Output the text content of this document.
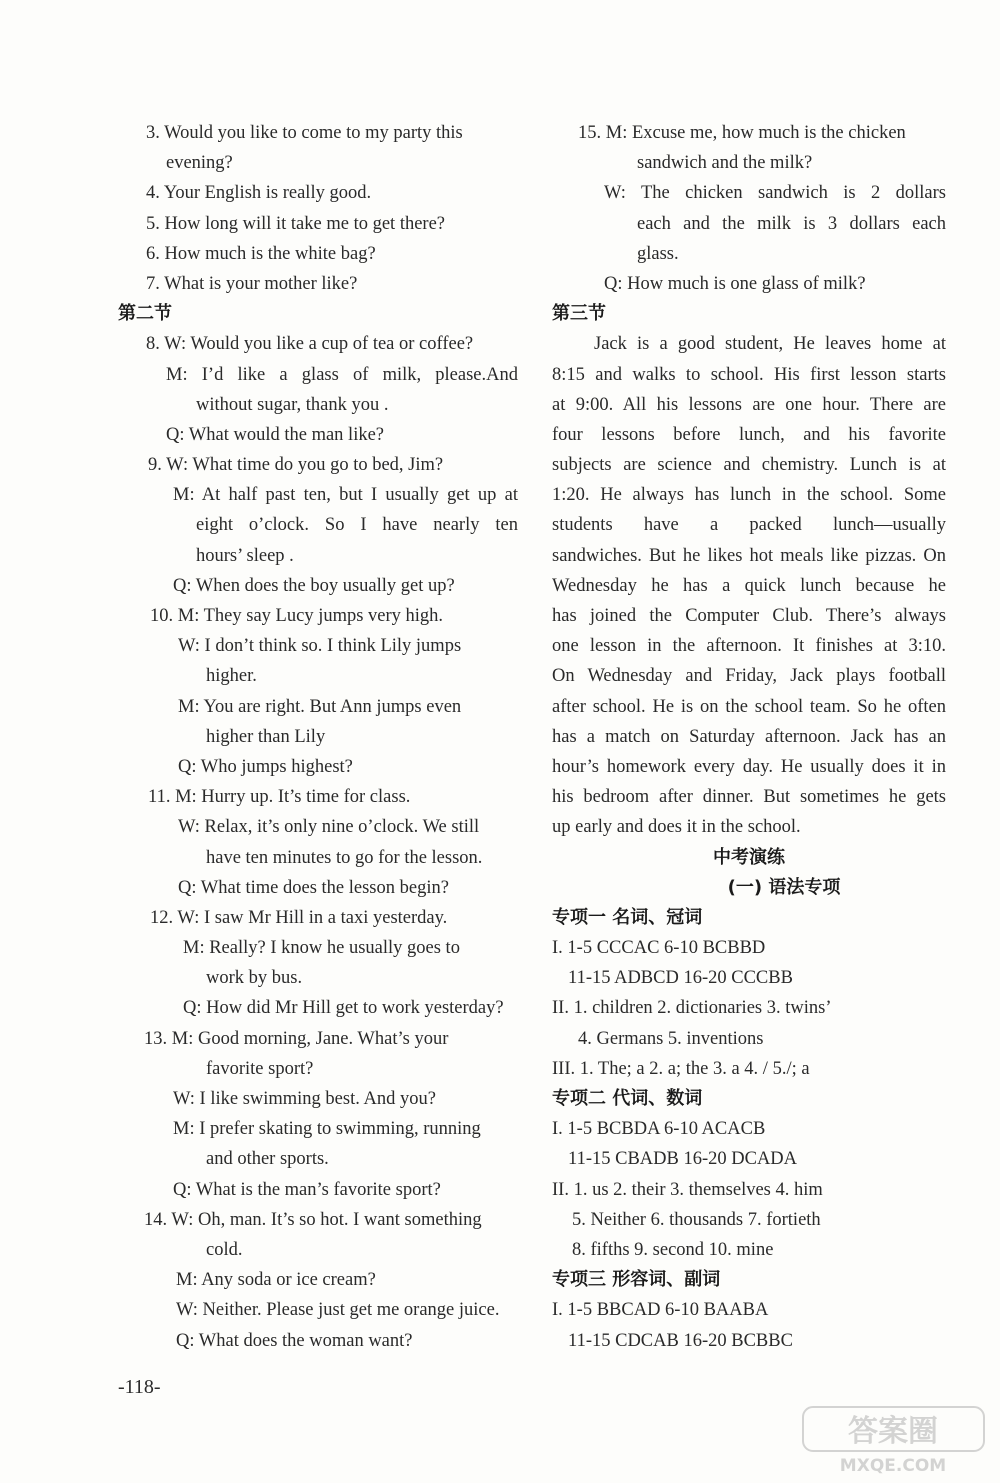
3. Would you like to come to my party this
evening?
4. Your English is really good.
5. How long will it take me to get there?
6. How much is the white bag?
7. What is your mother like?
第二节
8. W: Would you like a cup of tea or coffee?
M: I’d like a glass of milk, please.And
without sugar, thank you .
Q: What would the man like?
9. W: What time do you go to bed, Jim?
M: At half past ten, but I usually get up at
eight o’clock. So I have nearly ten
hours’ sleep .
Q: When does the boy usually get up?
10. M: They say Lucy jumps very high.
W: I don’t think so. I think Lily jumps
higher.
M: You are right. But Ann jumps even
higher than Lily
Q: Who jumps highest?
11. M: Hurry up. It’s time for class.
W: Relax, it’s only nine o’clock. We still
have ten minutes to go for the lesson.
Q: What time does the lesson begin?
12. W: I saw Mr Hill in a taxi yesterday.
M: Really? I know he usually goes to
work by bus.
Q: How did Mr Hill get to work yesterday?
13. M: Good morning, Jane. What’s your
favorite sport?
W: I like swimming best. And you?
M: I prefer skating to swimming, running
and other sports.
Q: What is the man’s favorite sport?
14. W: Oh, man. It’s so hot. I want something
cold.
M: Any soda or ice cream?
W: Neither. Please just get me orange juice.
Q: What does the woman want?
15. M: Excuse me, how much is the chicken
sandwich and the milk?
W: The chicken sandwich is 2 dollars
each and the milk is 3 dollars each
glass.
Q: How much is one glass of milk?
第三节
Jack is a good student, He leaves home at
8:15 and walks to school. His first lesson starts
at 9:00. All his lessons are one hour. There are
four lessons before lunch, and his favorite
subjects are science and chemistry. Lunch is at
1:20. He always has lunch in the school. Some
students have a packed lunch—usually
sandwiches. But he likes hot meals like pizzas. On
Wednesday he has a quick lunch because he
has joined the Computer Club. There’s always
one lesson in the afternoon. It finishes at 3:10.
On Wednesday and Friday, Jack plays football
after school. He is on the school team. So he often
has a match on Saturday afternoon. Jack has an
hour’s homework every day. He usually does it in
his bedroom after dinner. But sometimes he gets
up early and does it in the school.
中考演练
(一) 语法专项
专项一 名词、冠词
I. 1-5 CCCAC 6-10 BCBBD
11-15 ADBCD 16-20 CCCBB
II. 1. children 2. dictionaries 3. twins’
4. Germans 5. inventions
III. 1. The; a 2. a; the 3. a 4. / 5./; a
专项二 代词、数词
I. 1-5 BCBDA 6-10 ACACB
11-15 CBADB 16-20 DCADA
II. 1. us 2. their 3. themselves 4. him
5. Neither 6. thousands 7. fortieth
8. fifths 9. second 10. mine
专项三 形容词、副词
I. 1-5 BBCAD 6-10 BAABA
11-15 CDCAB 16-20 BCBBC
-118-
答案圈
MXQE.COM
